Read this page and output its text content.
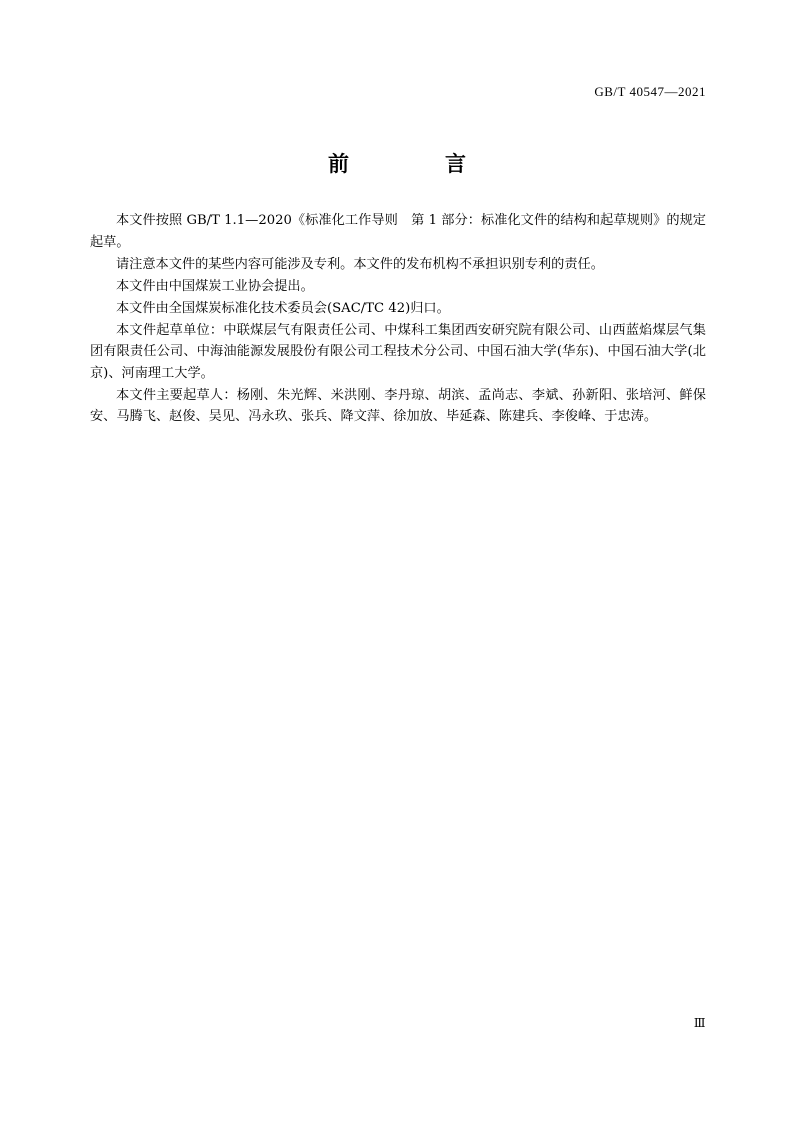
GB/T 40547—2021
前　　言

本文件按照 GB/T 1.1—2020《标准化工作导则　第 1 部分：标准化文件的结构和起草规则》的规定起草。

请注意本文件的某些内容可能涉及专利。本文件的发布机构不承担识别专利的责任。

本文件由中国煤炭工业协会提出。

本文件由全国煤炭标准化技术委员会(SAC/TC 42)归口。

本文件起草单位：中联煤层气有限责任公司、中煤科工集团西安研究院有限公司、山西蓝焰煤层气集团有限责任公司、中海油能源发展股份有限公司工程技术分公司、中国石油大学(华东)、中国石油大学(北京)、河南理工大学。

本文件主要起草人：杨刚、朱光辉、米洪刚、李丹琼、胡滨、孟尚志、李斌、孙新阳、张培河、鲜保安、马腾飞、赵俊、吴见、冯永玖、张兵、降文萍、徐加放、毕延森、陈建兵、李俊峰、于忠涛。

Ⅲ
